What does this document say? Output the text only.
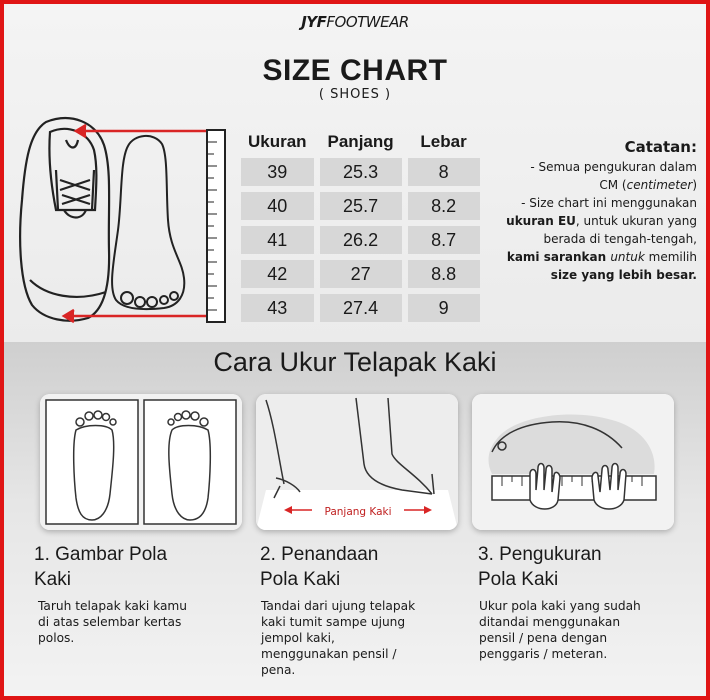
JYFFOOTWEAR
SIZE CHART
( SHOES )
Ukuran		Panjang		Lebar
39		25.3		8
40		25.7		8.2
41		26.2		8.7
42		27		8.8
43		27.4		9
Catatan:
- Semua pengukuran dalam
CM (centimeter)
- Size chart ini menggunakan
ukuran EU, untuk ukuran yang
berada di tengah-tengah,
kami sarankan untuk memilih
size yang lebih besar.
Cara Ukur Telapak Kaki
Panjang Kaki
1. Gambar Pola
Kaki
Taruh telapak kaki kamu
di atas selembar kertas
polos.
2. Penandaan
Pola Kaki
Tandai dari ujung telapak
kaki tumit sampe ujung
jempol kaki,
menggunakan pensil /
pena.
3. Pengukuran
Pola Kaki
Ukur pola kaki yang sudah
ditandai menggunakan
pensil / pena dengan
penggaris / meteran.
